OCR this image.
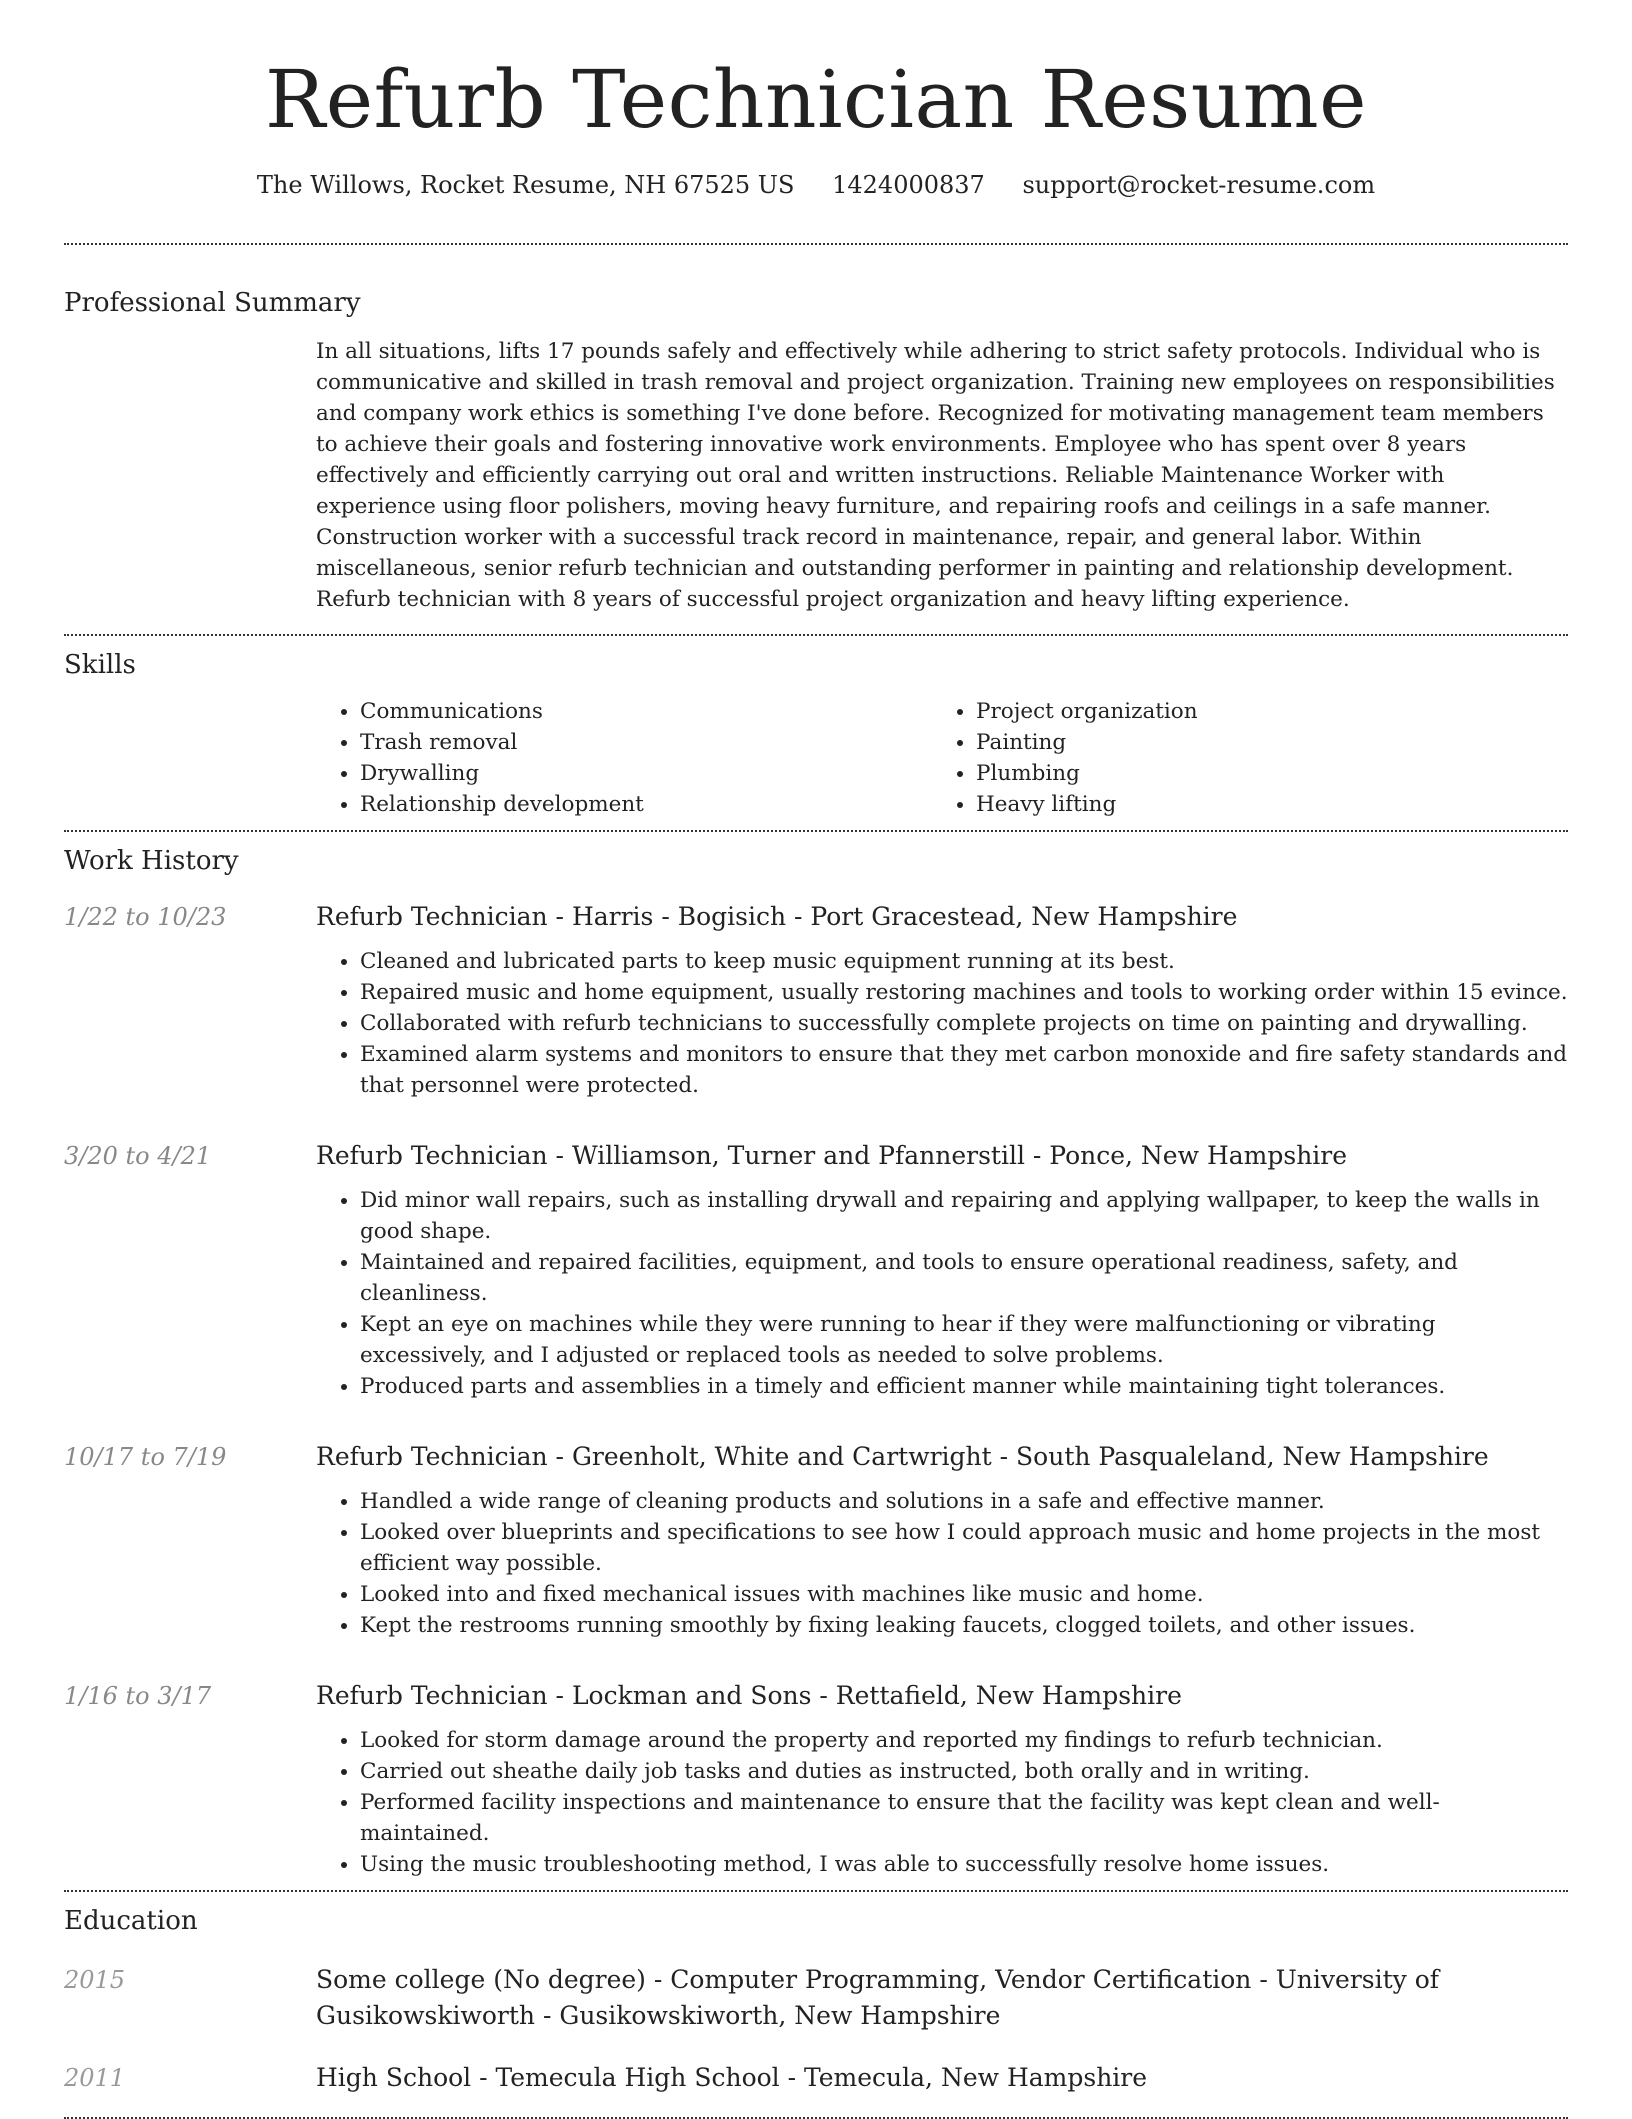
Refurb Technician Resume
The Willows, Rocket Resume, NH 67525 US 1424000837 support@rocket-resume.com
Professional Summary

In all situations, lifts 17 pounds safely and effectively while adhering to strict safety protocols. Individual who is communicative and skilled in trash removal and project organization. Training new employees on responsibilities and company work ethics is something I've done before. Recognized for motivating management team members to achieve their goals and fostering innovative work environments. Employee who has spent over 8 years effectively and efficiently carrying out oral and written instructions. Reliable Maintenance Worker with experience using floor polishers, moving heavy furniture, and repairing roofs and ceilings in a safe manner. Construction worker with a successful track record in maintenance, repair, and general labor. Within miscellaneous, senior refurb technician and outstanding performer in painting and relationship development. Refurb technician with 8 years of successful project organization and heavy lifting experience.

Skills
• Communications
• Trash removal
• Drywalling
• Relationship development
• Project organization
• Painting
• Plumbing
• Heavy lifting
Work History
1/22 to 10/23	Refurb Technician - Harris - Bogisich - Port Gracestead, New Hampshire
• Cleaned and lubricated parts to keep music equipment running at its best.
• Repaired music and home equipment, usually restoring machines and tools to working order within 15 evince.
• Collaborated with refurb technicians to successfully complete projects on time on painting and drywalling.
• Examined alarm systems and monitors to ensure that they met carbon monoxide and fire safety standards and that personnel were protected.
3/20 to 4/21	Refurb Technician - Williamson, Turner and Pfannerstill - Ponce, New Hampshire
• Did minor wall repairs, such as installing drywall and repairing and applying wallpaper, to keep the walls in good shape.
• Maintained and repaired facilities, equipment, and tools to ensure operational readiness, safety, and cleanliness.
• Kept an eye on machines while they were running to hear if they were malfunctioning or vibrating excessively, and I adjusted or replaced tools as needed to solve problems.
• Produced parts and assemblies in a timely and efficient manner while maintaining tight tolerances.
10/17 to 7/19	Refurb Technician - Greenholt, White and Cartwright - South Pasqualeland, New Hampshire
• Handled a wide range of cleaning products and solutions in a safe and effective manner.
• Looked over blueprints and specifications to see how I could approach music and home projects in the most efficient way possible.
• Looked into and fixed mechanical issues with machines like music and home.
• Kept the restrooms running smoothly by fixing leaking faucets, clogged toilets, and other issues.
1/16 to 3/17	Refurb Technician - Lockman and Sons - Rettafield, New Hampshire
• Looked for storm damage around the property and reported my findings to refurb technician.
• Carried out sheathe daily job tasks and duties as instructed, both orally and in writing.
• Performed facility inspections and maintenance to ensure that the facility was kept clean and well-maintained.
• Using the music troubleshooting method, I was able to successfully resolve home issues.
Education
2015	Some college (No degree) - Computer Programming, Vendor Certification - University of Gusikowskiworth - Gusikowskiworth, New Hampshire
2011	High School - Temecula High School - Temecula, New Hampshire
